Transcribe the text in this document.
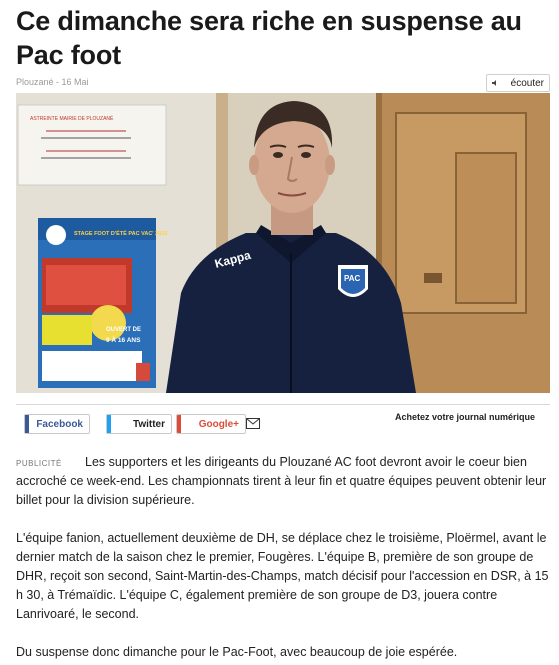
Ce dimanche sera riche en suspense au Pac foot
Plouzané - 16 Mai	écouter
ASTREINTE MAIRIE DE PLOUZANÉ
STAGE FOOT D'ÉTÉ PAC VAC' 2015
OUVERT DE
9 À 16 ANS
Kappa
PAC
Facebook	Twitter	Google+
Achetez votre journal numérique
PUBLICITÉ	Les supporters et les dirigeants du Plouzané AC foot devront avoir le coeur bien accroché ce week-end. Les championnats tirent à leur fin et quatre équipes peuvent obtenir leur billet pour la division supérieure.

L'équipe fanion, actuellement deuxième de DH, se déplace chez le troisième, Ploërmel, avant le dernier match de la saison chez le premier, Fougères. L'équipe B, première de son groupe de DHR, reçoit son second, Saint-Martin-des-Champs, match décisif pour l'accession en DSR, à 15 h 30, à Trémaïdic. L'équipe C, également première de son groupe de D3, jouera contre Lanrivoaré, le second.

Du suspense donc dimanche pour le Pac-Foot, avec beaucoup de joie espérée.
